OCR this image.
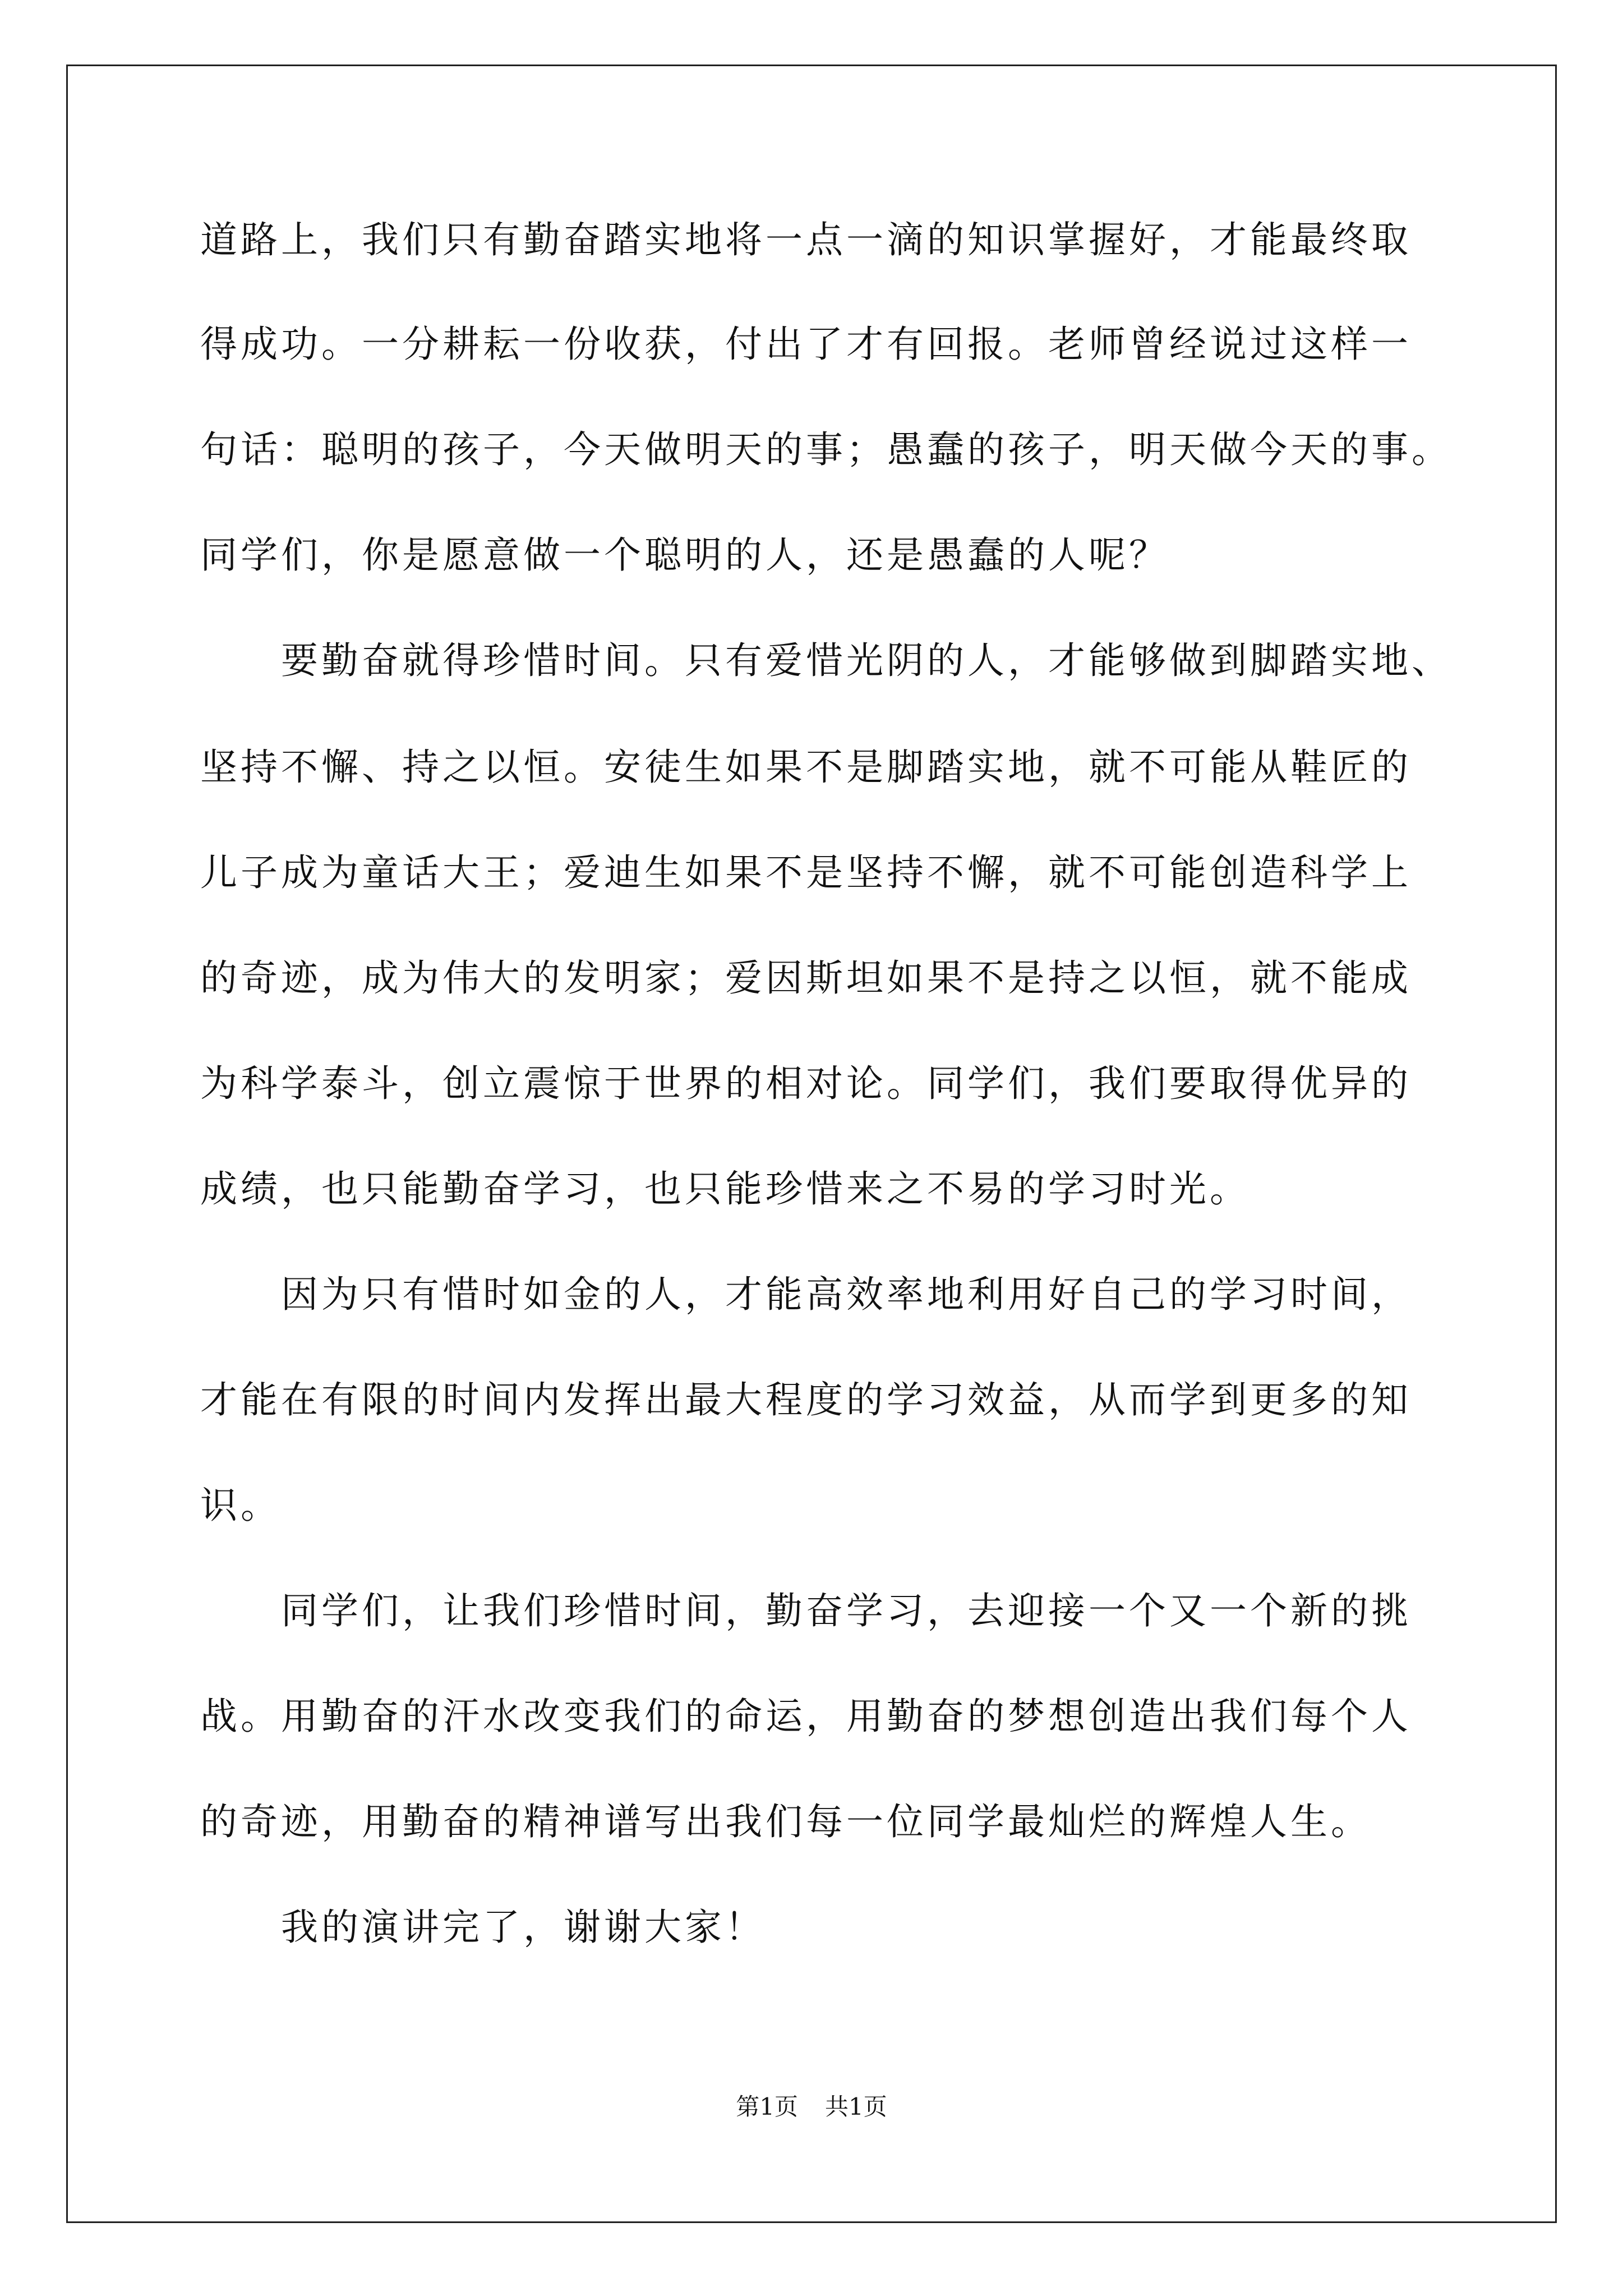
道路上，我们只有勤奋踏实地将一点一滴的知识掌握好，才能最终取
得成功。一分耕耘一份收获，付出了才有回报。老师曾经说过这样一
句话：聪明的孩子，今天做明天的事；愚蠢的孩子，明天做今天的事。
同学们，你是愿意做一个聪明的人，还是愚蠢的人呢？
　　要勤奋就得珍惜时间。只有爱惜光阴的人，才能够做到脚踏实地、
坚持不懈、持之以恒。安徒生如果不是脚踏实地，就不可能从鞋匠的
儿子成为童话大王；爱迪生如果不是坚持不懈，就不可能创造科学上
的奇迹，成为伟大的发明家；爱因斯坦如果不是持之以恒，就不能成
为科学泰斗，创立震惊于世界的相对论。同学们，我们要取得优异的
成绩，也只能勤奋学习，也只能珍惜来之不易的学习时光。
　　因为只有惜时如金的人，才能高效率地利用好自己的学习时间，
才能在有限的时间内发挥出最大程度的学习效益，从而学到更多的知
识。
　　同学们，让我们珍惜时间，勤奋学习，去迎接一个又一个新的挑
战。用勤奋的汗水改变我们的命运，用勤奋的梦想创造出我们每个人
的奇迹，用勤奋的精神谱写出我们每一位同学最灿烂的辉煌人生。
　　我的演讲完了，谢谢大家！
第1页 共1页
